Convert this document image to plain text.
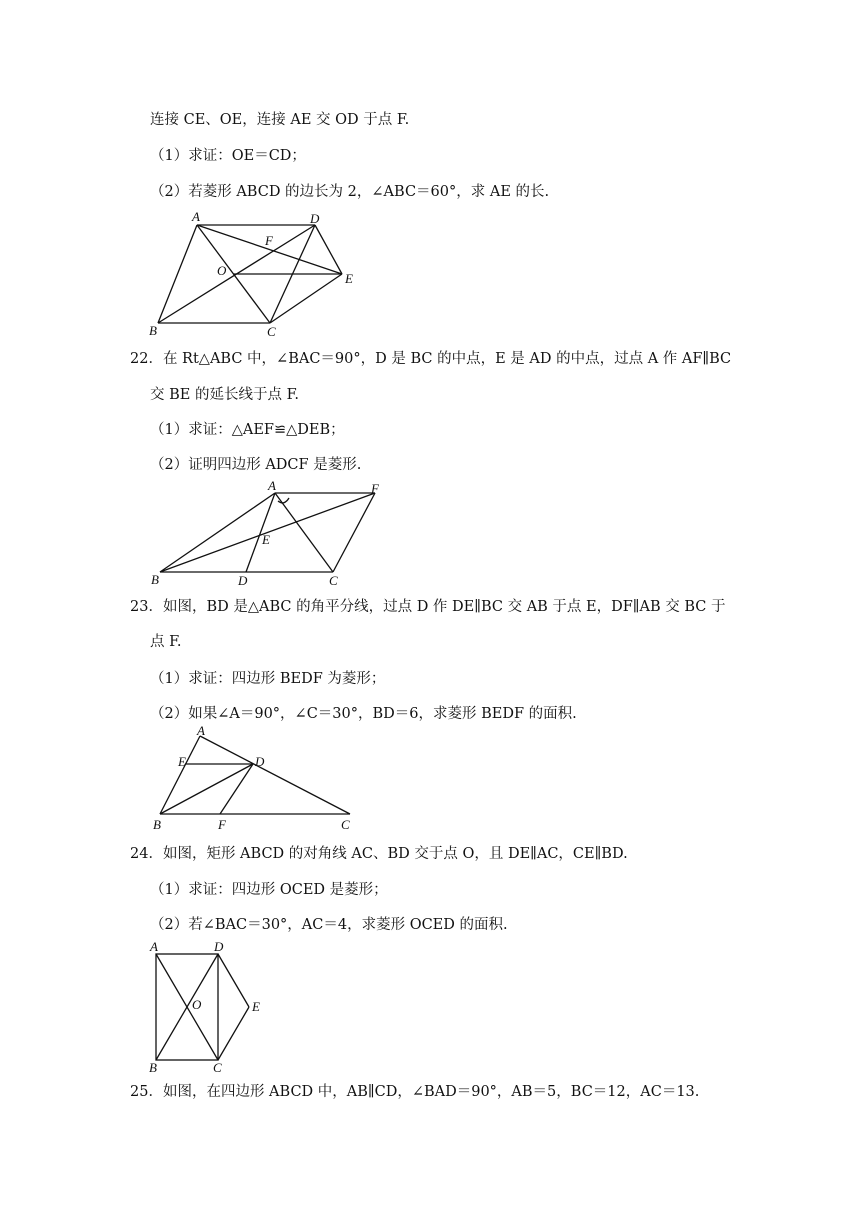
连接 CE、OE，连接 AE 交 OD 于点 F.
（1）求证：OE＝CD；
（2）若菱形 ABCD 的边长为 2，∠ABC＝60°，求 AE 的长.
A	D
F
O
E
B	C
22．在 Rt△ABC 中，∠BAC＝90°，D 是 BC 的中点，E 是 AD 的中点，过点 A 作 AF∥BC
交 BE 的延长线于点 F.
（1）求证：△AEF≌△DEB；
（2）证明四边形 ADCF 是菱形.
A	F
E
B	D	C
23．如图，BD 是△ABC 的角平分线，过点 D 作 DE∥BC 交 AB 于点 E，DF∥AB 交 BC 于
点 F.
（1）求证：四边形 BEDF 为菱形；
（2）如果∠A＝90°，∠C＝30°，BD＝6，求菱形 BEDF 的面积.
A
E	D
B	F	C
24．如图，矩形 ABCD 的对角线 AC、BD 交于点 O，且 DE∥AC，CE∥BD.
（1）求证：四边形 OCED 是菱形；
（2）若∠BAC＝30°，AC＝4，求菱形 OCED 的面积.
A	D
O	E
B	C
25．如图，在四边形 ABCD 中，AB∥CD，∠BAD＝90°，AB＝5，BC＝12，AC＝13.
